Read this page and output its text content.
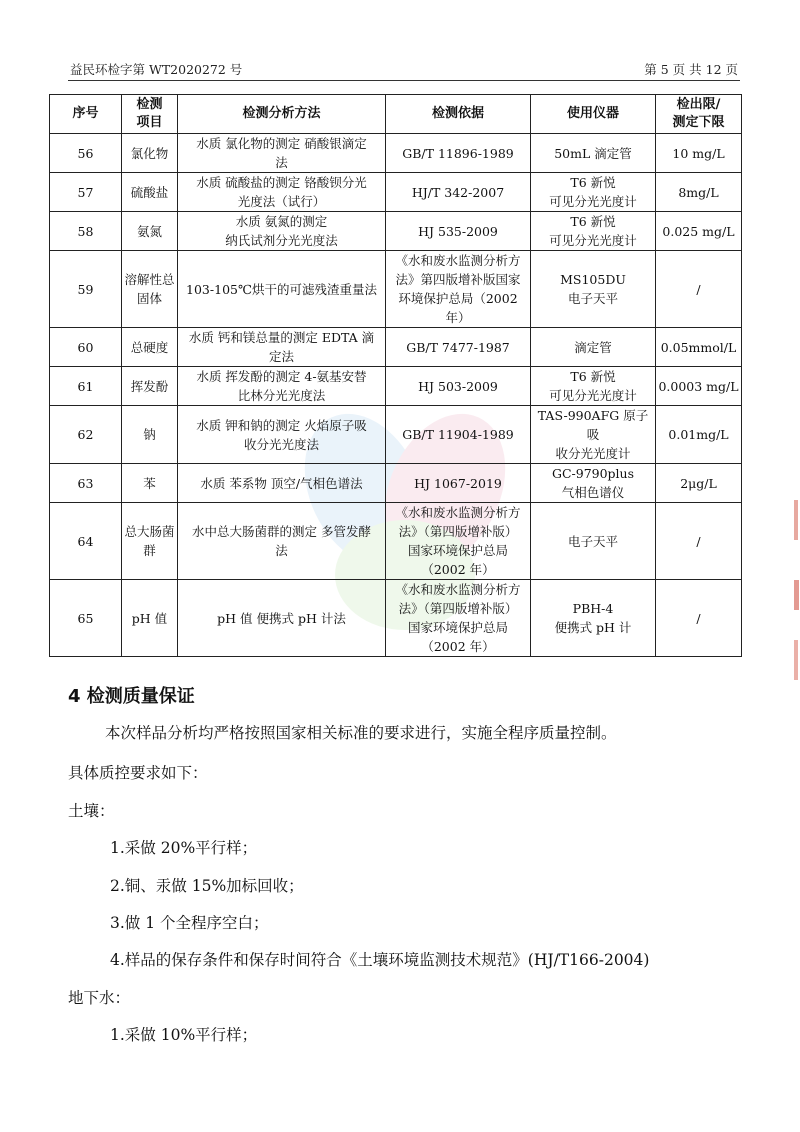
益民环检字第 WT2020272 号	第 5 页 共 12 页
序号	检测
项目	检测分析方法	检测依据	使用仪器	检出限/
测定下限
56	氯化物	水质 氯化物的测定 硝酸银滴定
法	GB/T 11896-1989	50mL 滴定管	10 mg/L
57	硫酸盐	水质 硫酸盐的测定 铬酸钡分光
光度法（试行）	HJ/T 342-2007	T6 新悦
可见分光光度计	8mg/L
58	氨氮	水质 氨氮的测定
纳氏试剂分光光度法	HJ 535-2009	T6 新悦
可见分光光度计	0.025 mg/L
59	溶解性总
固体	103-105℃烘干的可滤残渣重量法	《水和废水监测分析方
法》第四版增补版国家
环境保护总局（2002
年）	MS105DU
电子天平	/
60	总硬度	水质 钙和镁总量的测定 EDTA 滴
定法	GB/T 7477-1987	滴定管	0.05mmol/L
61	挥发酚	水质 挥发酚的测定 4-氨基安替
比林分光光度法	HJ 503-2009	T6 新悦
可见分光光度计	0.0003 mg/L
62	钠	水质 钾和钠的测定 火焰原子吸
收分光光度法	GB/T 11904-1989	TAS-990AFG 原子吸
收分光光度计	0.01mg/L
63	苯	水质 苯系物 顶空/气相色谱法	HJ 1067-2019	GC-9790plus
气相色谱仪	2μg/L
64	总大肠菌
群	水中总大肠菌群的测定 多管发酵
法	《水和废水监测分析方
法》（第四版增补版）
国家环境保护总局
（2002 年）	电子天平	/
65	pH 值	pH 值 便携式 pH 计法	《水和废水监测分析方
法》（第四版增补版）
国家环境保护总局
（2002 年）	PBH-4
便携式 pH 计	/
4 检测质量保证
本次样品分析均严格按照国家相关标准的要求进行，实施全程序质量控制。
具体质控要求如下：
土壤：
1.采做 20%平行样；
2.铜、汞做 15%加标回收；
3.做 1 个全程序空白；
4.样品的保存条件和保存时间符合《土壤环境监测技术规范》(HJ/T166-2004)
地下水：
1.采做 10%平行样；
